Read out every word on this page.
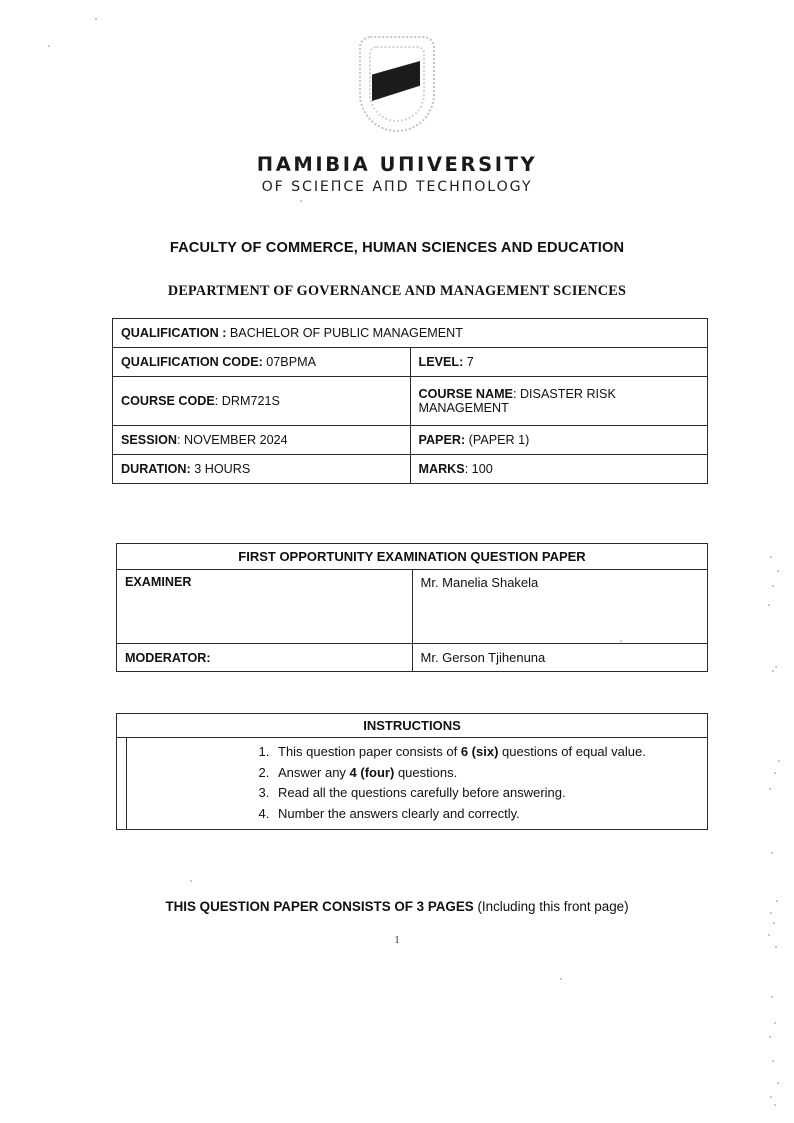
ΠΑΜΙΒΙΑ UΠIVERSITY
OF SCIEΠCE AΠD TECHΠOLOGY
FACULTY OF COMMERCE, HUMAN SCIENCES AND EDUCATION
DEPARTMENT OF GOVERNANCE AND MANAGEMENT SCIENCES
QUALIFICATION : BACHELOR OF PUBLIC MANAGEMENT	
QUALIFICATION CODE: 07BPMA	LEVEL: 7
COURSE CODE: DRM721S	COURSE NAME: DISASTER RISK MANAGEMENT
SESSION: NOVEMBER 2024	PAPER: (PAPER 1)
DURATION: 3 HOURS	MARKS: 100
FIRST OPPORTUNITY EXAMINATION QUESTION PAPER	
EXAMINER	Mr. Manelia Shakela
MODERATOR:	Mr. Gerson Tjihenuna
INSTRUCTIONS

1. This question paper consists of 6 (six) questions of equal value.
2. Answer any 4 (four) questions.
3. Read all the questions carefully before answering.
4. Number the answers clearly and correctly.
THIS QUESTION PAPER CONSISTS OF 3 PAGES (Including this front page)
1
